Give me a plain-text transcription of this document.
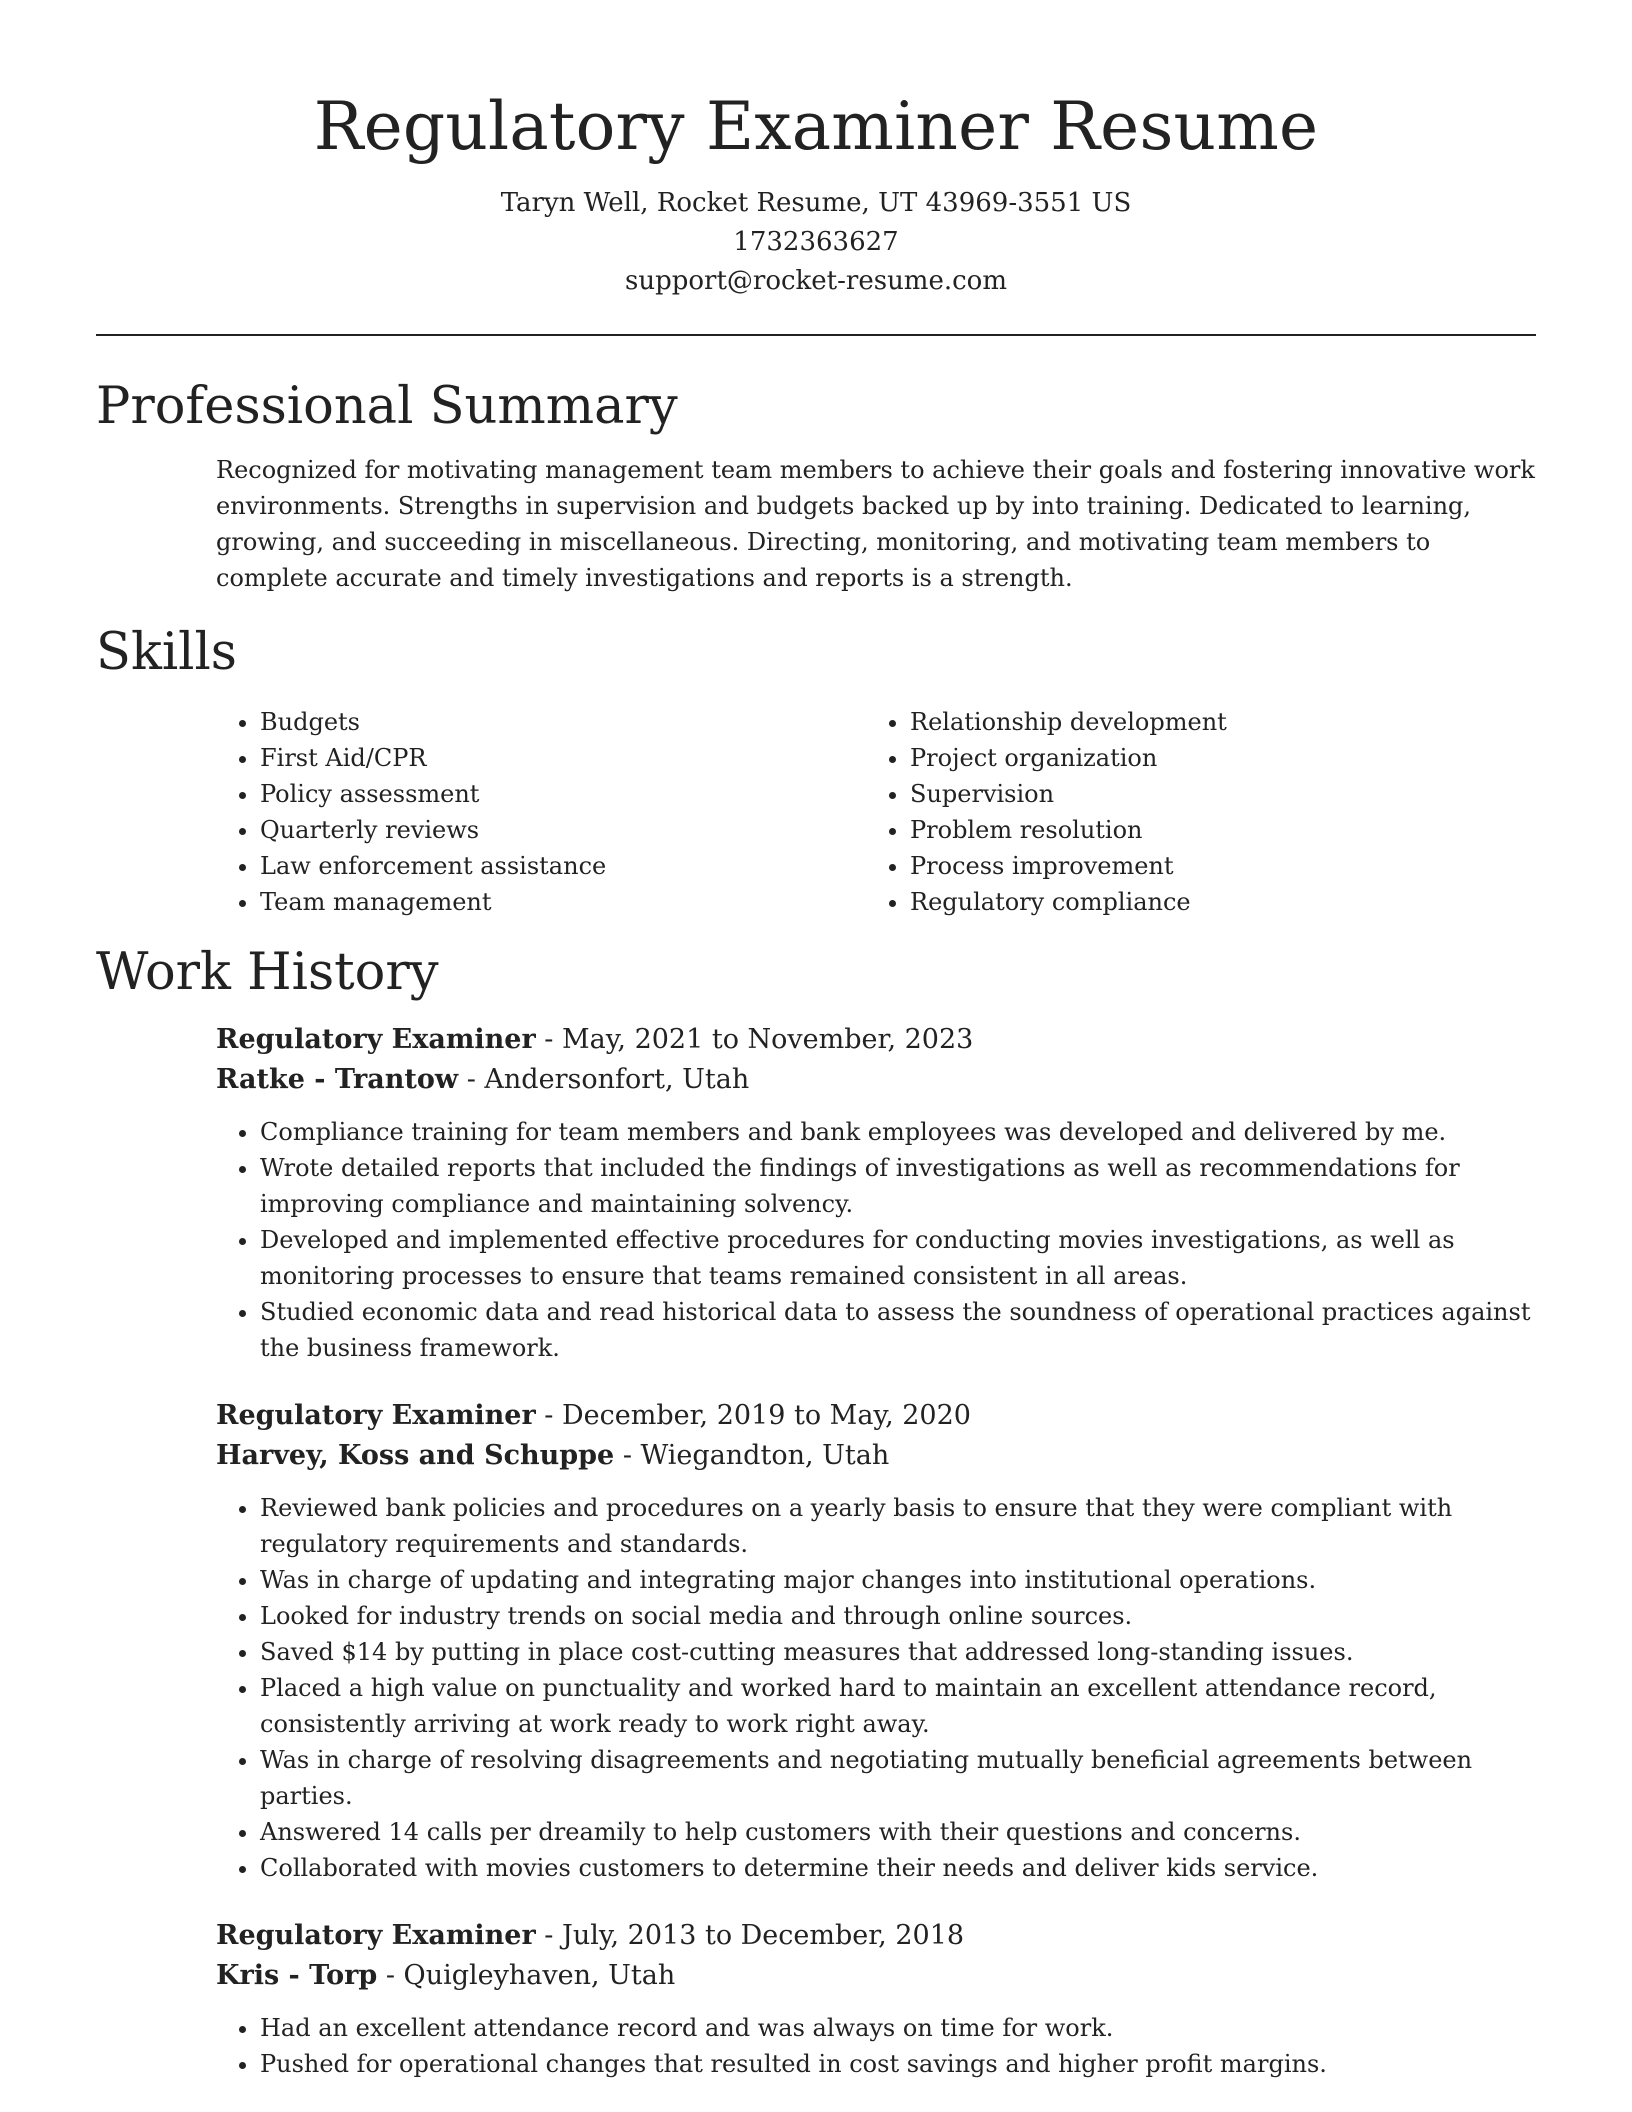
Regulatory Examiner Resume

Taryn Well, Rocket Resume, UT 43969-3551 US

1732363627

support@rocket-resume.com

Professional Summary

Recognized for motivating management team members to achieve their goals and fostering innovative work environments. Strengths in supervision and budgets backed up by into training. Dedicated to learning, growing, and succeeding in miscellaneous. Directing, monitoring, and motivating team members to complete accurate and timely investigations and reports is a strength.

Skills
• Budgets
• First Aid/CPR
• Policy assessment
• Quarterly reviews
• Law enforcement assistance
• Team management
• Relationship development
• Project organization
• Supervision
• Problem resolution
• Process improvement
• Regulatory compliance
Work History

Regulatory Examiner - May, 2021 to November, 2023

Ratke - Trantow - Andersonfort, Utah

• Compliance training for team members and bank employees was developed and delivered by me.
• Wrote detailed reports that included the findings of investigations as well as recommendations for improving compliance and maintaining solvency.
• Developed and implemented effective procedures for conducting movies investigations, as well as monitoring processes to ensure that teams remained consistent in all areas.
• Studied economic data and read historical data to assess the soundness of operational practices against the business framework.

Regulatory Examiner - December, 2019 to May, 2020

Harvey, Koss and Schuppe - Wiegandton, Utah

• Reviewed bank policies and procedures on a yearly basis to ensure that they were compliant with regulatory requirements and standards.
• Was in charge of updating and integrating major changes into institutional operations.
• Looked for industry trends on social media and through online sources.
• Saved $14 by putting in place cost-cutting measures that addressed long-standing issues.
• Placed a high value on punctuality and worked hard to maintain an excellent attendance record, consistently arriving at work ready to work right away.
• Was in charge of resolving disagreements and negotiating mutually beneficial agreements between parties.
• Answered 14 calls per dreamily to help customers with their questions and concerns.
• Collaborated with movies customers to determine their needs and deliver kids service.

Regulatory Examiner - July, 2013 to December, 2018

Kris - Torp - Quigleyhaven, Utah

• Had an excellent attendance record and was always on time for work.
• Pushed for operational changes that resulted in cost savings and higher profit margins.
